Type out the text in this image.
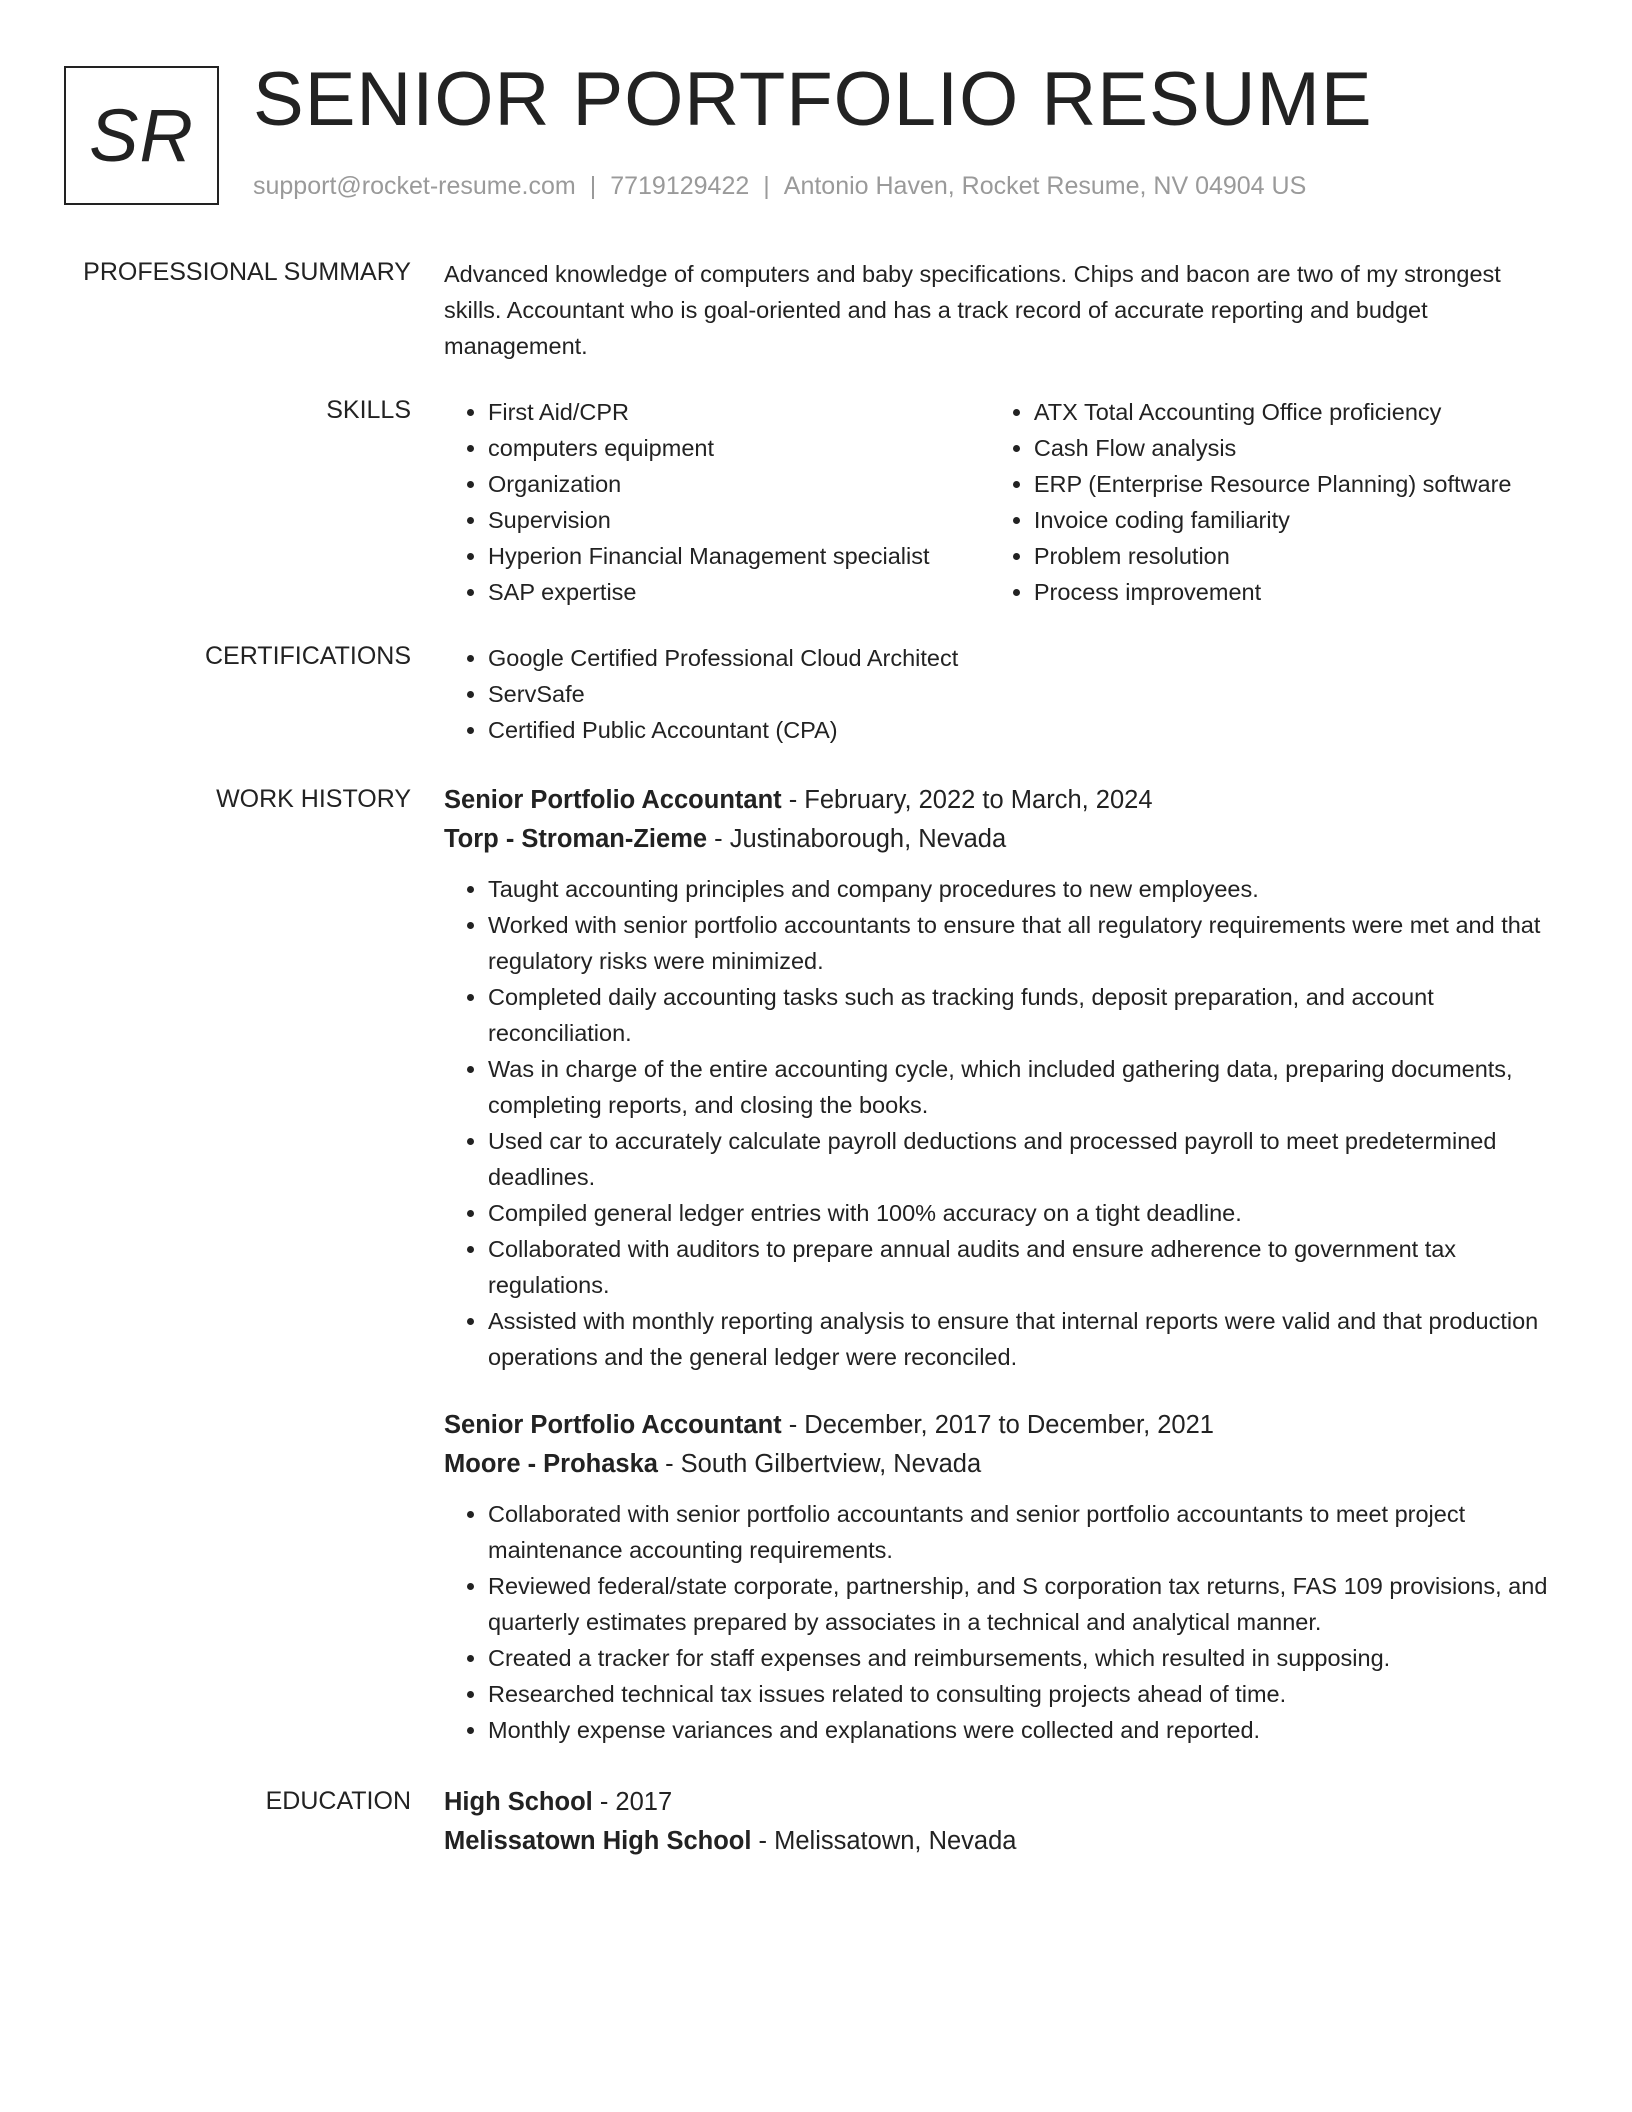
SR SENIOR PORTFOLIO RESUME
support@rocket-resume.com | 7719129422 | Antonio Haven, Rocket Resume, NV 04904 US
PROFESSIONAL SUMMARY Advanced knowledge of computers and baby specifications. Chips and bacon are two of my strongest skills. Accountant who is goal-oriented and has a track record of accurate reporting and budget management.

SKILLS	• First Aid/CPR
• computers equipment
• Organization
• Supervision
• Hyperion Financial Management specialist
• SAP expertise
• ATX Total Accounting Office proficiency
• Cash Flow analysis
• ERP (Enterprise Resource Planning) software
• Invoice coding familiarity
• Problem resolution
• Process improvement
CERTIFICATIONS	• Google Certified Professional Cloud Architect
• ServSafe
• Certified Public Accountant (CPA)
WORK HISTORY Senior Portfolio Accountant - February, 2022 to March, 2024
Torp - Stroman-Zieme - Justinaborough, Nevada
• Taught accounting principles and company procedures to new employees.
• Worked with senior portfolio accountants to ensure that all regulatory requirements were met and that regulatory risks were minimized.
• Completed daily accounting tasks such as tracking funds, deposit preparation, and account reconciliation.
• Was in charge of the entire accounting cycle, which included gathering data, preparing documents, completing reports, and closing the books.
• Used car to accurately calculate payroll deductions and processed payroll to meet predetermined deadlines.
• Compiled general ledger entries with 100% accuracy on a tight deadline.
• Collaborated with auditors to prepare annual audits and ensure adherence to government tax regulations.
• Assisted with monthly reporting analysis to ensure that internal reports were valid and that production operations and the general ledger were reconciled.
Senior Portfolio Accountant - December, 2017 to December, 2021
Moore - Prohaska - South Gilbertview, Nevada
• Collaborated with senior portfolio accountants and senior portfolio accountants to meet project maintenance accounting requirements.
• Reviewed federal/state corporate, partnership, and S corporation tax returns, FAS 109 provisions, and quarterly estimates prepared by associates in a technical and analytical manner.
• Created a tracker for staff expenses and reimbursements, which resulted in supposing.
• Researched technical tax issues related to consulting projects ahead of time.
• Monthly expense variances and explanations were collected and reported.
EDUCATION High School - 2017
Melissatown High School - Melissatown, Nevada
